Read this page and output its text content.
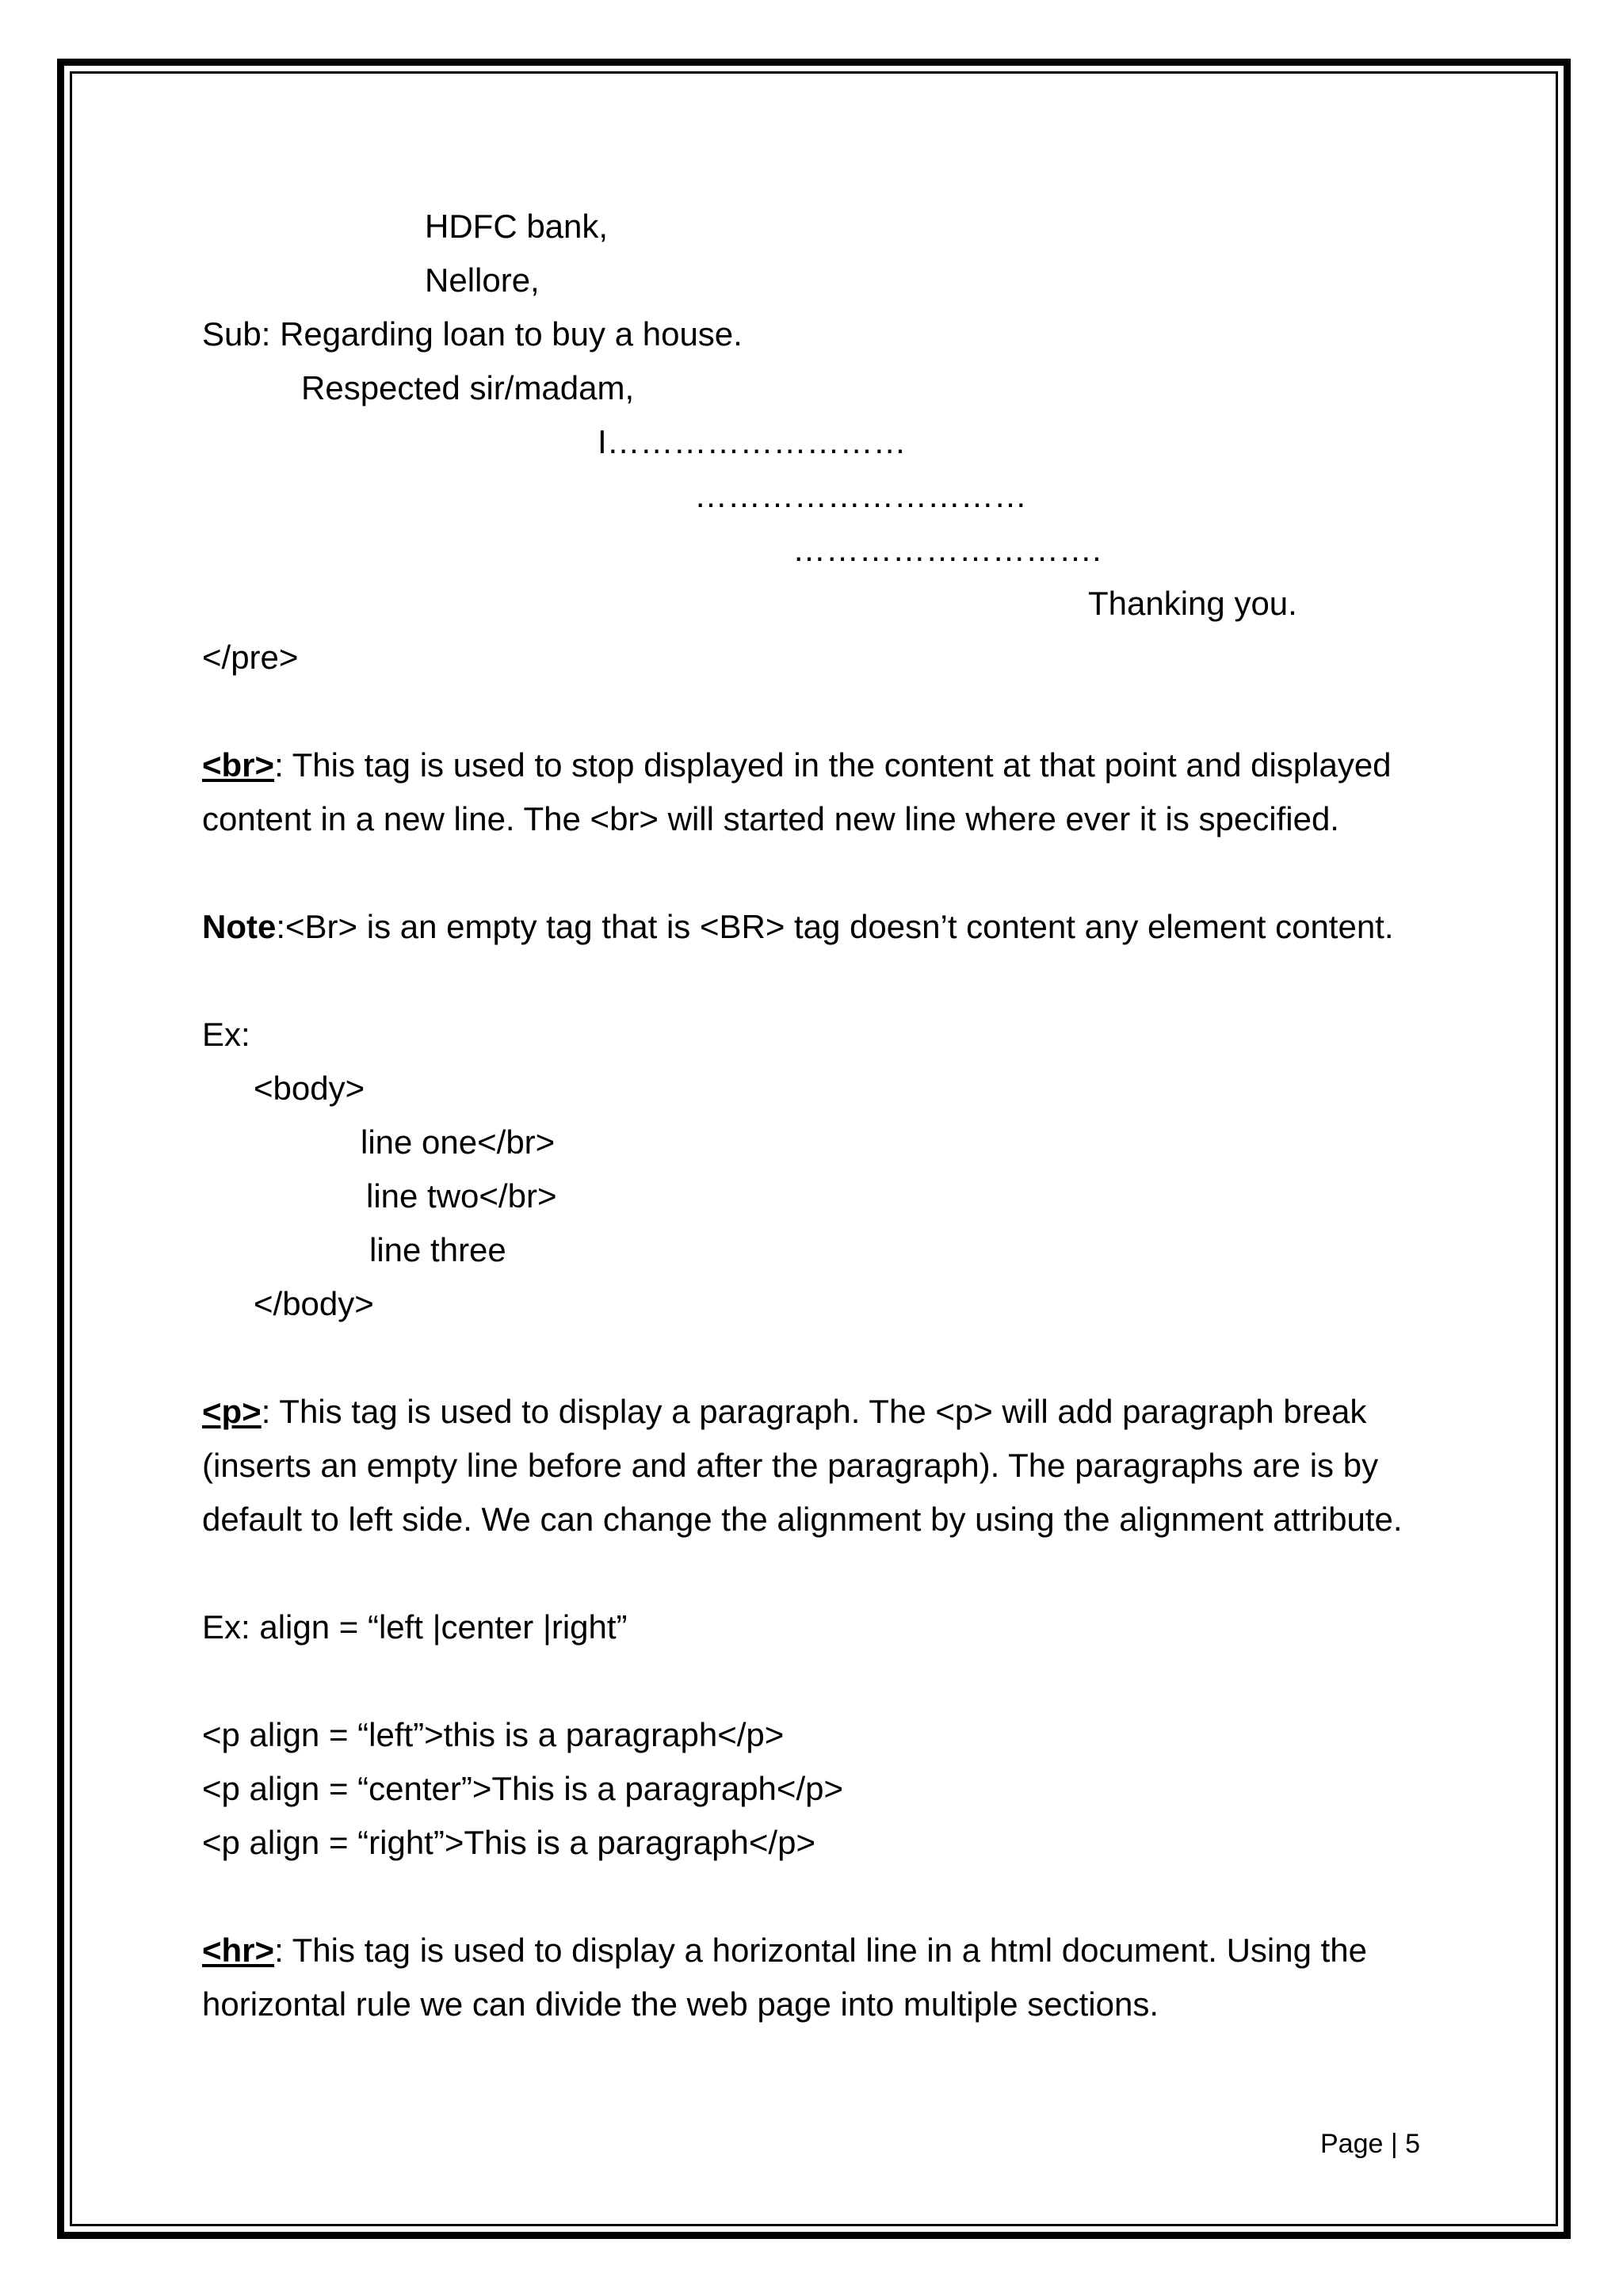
HDFC bank,

Nellore,

Sub: Regarding loan to buy a house.

Respected sir/madam,

I………………………

…………………………

……………………….

Thanking you.

</pre>

<br>: This tag is used to stop displayed in the content at that point and displayed

content in a new line. The <br> will started new line where ever it is specified.

Note:<Br> is an empty tag that is <BR> tag doesn’t content any element content.

Ex:

<body>

line one</br>

line two</br>

line three

</body>

<p>: This tag is used to display a paragraph. The <p> will add paragraph break

(inserts an empty line before and after the paragraph). The paragraphs are is by

default to left side. We can change the alignment by using the alignment attribute.

Ex: align = “left |center |right”

<p align = “left”>this is a paragraph</p>

<p align = “center”>This is a paragraph</p>

<p align = “right”>This is a paragraph</p>

<hr>: This tag is used to display a horizontal line in a html document. Using the

horizontal rule we can divide the web page into multiple sections.

Page | 5
